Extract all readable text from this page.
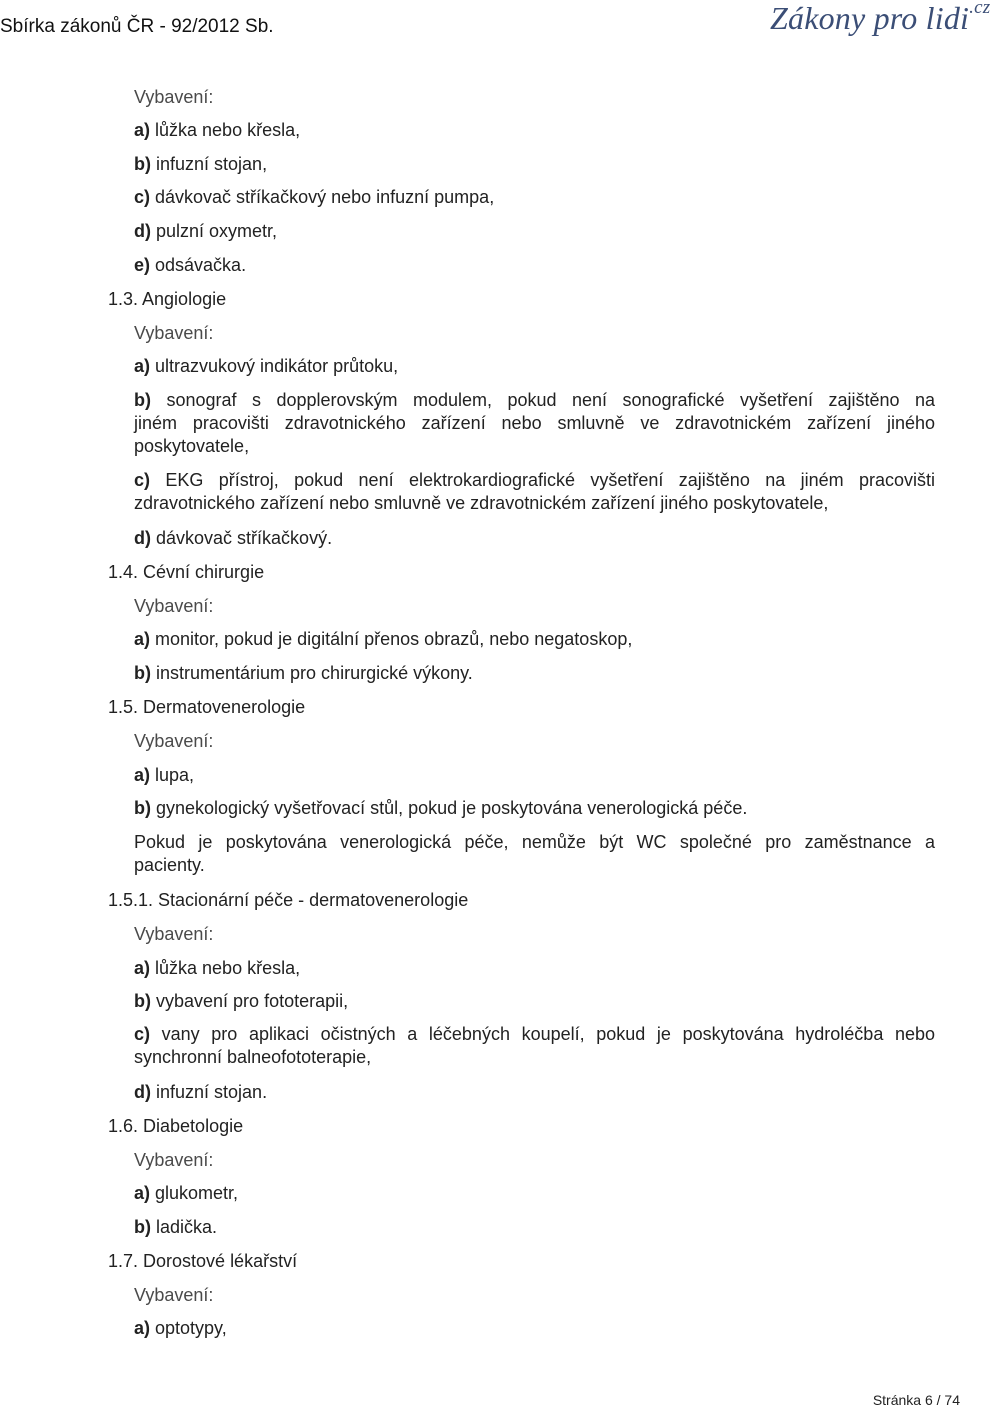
Sbírka zákonů ČR - 92/2012 Sb.	Zákony pro lidi$^{.cz}$
Vybavení:
a) lůžka nebo křesla,
b) infuzní stojan,
c) dávkovač stříkačkový nebo infuzní pumpa,
d) pulzní oxymetr,
e) odsávačka.
1.3. Angiologie
Vybavení:
a) ultrazvukový indikátor průtoku,
b) sonograf s dopplerovským modulem, pokud není sonografické vyšetření zajištěno na
jiném pracovišti zdravotnického zařízení nebo smluvně ve zdravotnickém zařízení jiného
poskytovatele,
c) EKG přístroj, pokud není elektrokardiografické vyšetření zajištěno na jiném pracovišti
zdravotnického zařízení nebo smluvně ve zdravotnickém zařízení jiného poskytovatele,
d) dávkovač stříkačkový.
1.4. Cévní chirurgie
Vybavení:
a) monitor, pokud je digitální přenos obrazů, nebo negatoskop,
b) instrumentárium pro chirurgické výkony.
1.5. Dermatovenerologie
Vybavení:
a) lupa,
b) gynekologický vyšetřovací stůl, pokud je poskytována venerologická péče.
Pokud je poskytována venerologická péče, nemůže být WC společné pro zaměstnance a
pacienty.
1.5.1. Stacionární péče - dermatovenerologie
Vybavení:
a) lůžka nebo křesla,
b) vybavení pro fototerapii,
c) vany pro aplikaci očistných a léčebných koupelí, pokud je poskytována hydroléčba nebo
synchronní balneofototerapie,
d) infuzní stojan.
1.6. Diabetologie
Vybavení:
a) glukometr,
b) ladička.
1.7. Dorostové lékařství
Vybavení:
a) optotypy,
Stránka 6 / 74
